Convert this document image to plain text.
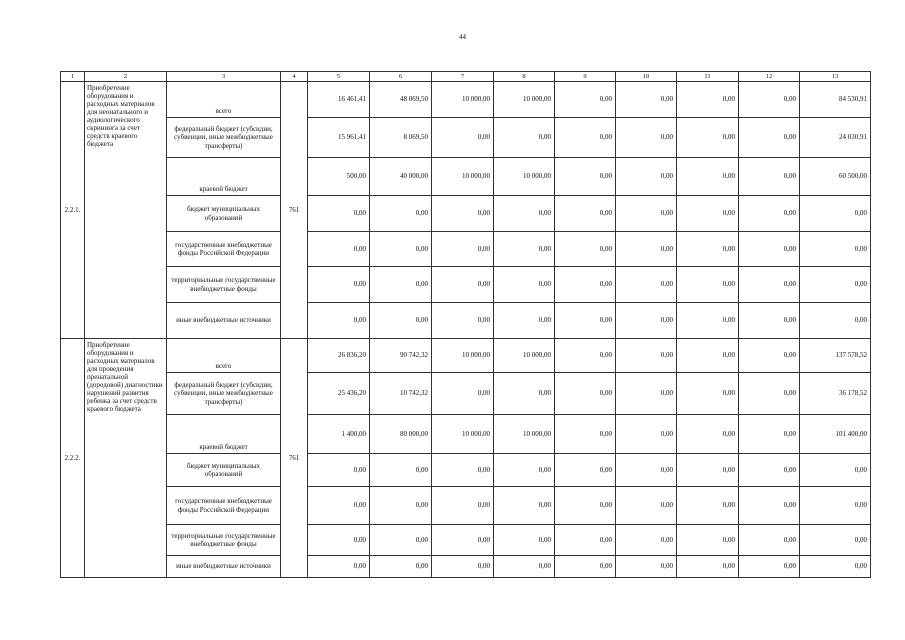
44
1	2	3	4	5	6	7	8	9	10	11	12	13
2.2.1.	Приобретение оборудования и расходных материалов для неонатального и аудиологического скрининга за счет средств краевого бюджета	всего	761	16 461,41	48 069,50	10 000,00	10 000,00	0,00	0,00	0,00	0,00	84 530,91
		федеральный бюджет (субсидии, субвенции, иные межбюджетные трансферты)		15 961,41	8 069,50	0,00	0,00	0,00	0,00	0,00	0,00	24 030,91
		краевой бюджет		500,00	40 000,00	10 000,00	10 000,00	0,00	0,00	0,00	0,00	60 500,00
		бюджет муниципальных образований		0,00	0,00	0,00	0,00	0,00	0,00	0,00	0,00	0,00
		государственные внебюджетные фонды Российской Федерации		0,00	0,00	0,00	0,00	0,00	0,00	0,00	0,00	0,00
		территориальные государственные внебюджетные фонды		0,00	0,00	0,00	0,00	0,00	0,00	0,00	0,00	0,00
		иные внебюджетные источники		0,00	0,00	0,00	0,00	0,00	0,00	0,00	0,00	0,00
2.2.2.	Приобретение оборудования и расходных материалов для проведения пренатальной (дородовой) диагностики нарушений развития ребенка за счет средств краевого бюджета	всего	761	26 836,20	90 742,32	10 000,00	10 000,00	0,00	0,00	0,00	0,00	137 578,52
		федеральный бюджет (субсидии, субвенции, иные межбюджетные трансферты)		25 436,20	10 742,32	0,00	0,00	0,00	0,00	0,00	0,00	36 178,52
		краевой бюджет		1 400,00	80 000,00	10 000,00	10 000,00	0,00	0,00	0,00	0,00	101 400,00
		бюджет муниципальных образований		0,00	0,00	0,00	0,00	0,00	0,00	0,00	0,00	0,00
		государственные внебюджетные фонды Российской Федерации		0,00	0,00	0,00	0,00	0,00	0,00	0,00	0,00	0,00
		территориальные государственные внебюджетные фонды		0,00	0,00	0,00	0,00	0,00	0,00	0,00	0,00	0,00
		иные внебюджетные источники		0,00	0,00	0,00	0,00	0,00	0,00	0,00	0,00	0,00
